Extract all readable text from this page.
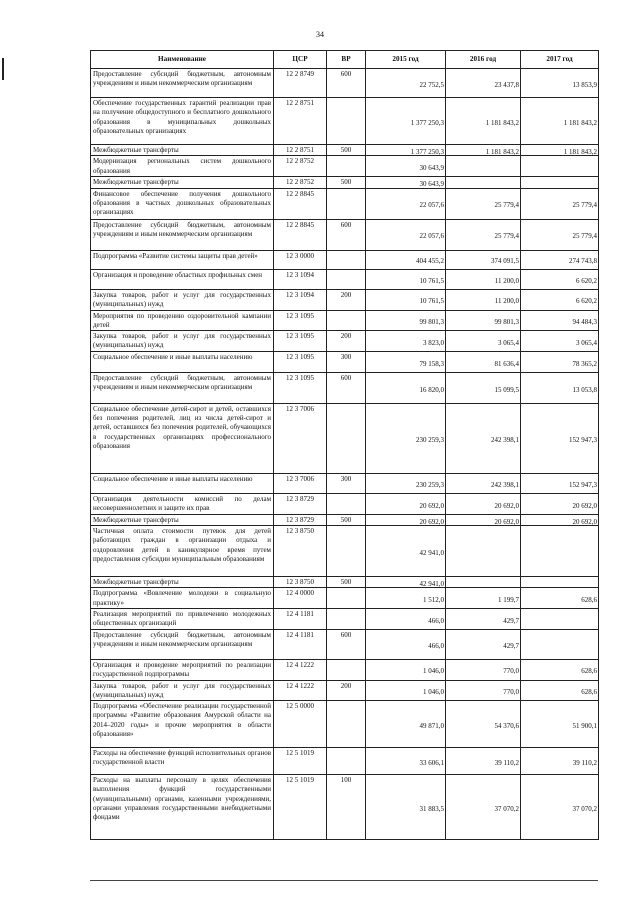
34
Наименование	ЦСР	ВР	2015 год	2016 год	2017 год
Предоставление субсидий бюджетным, автономным учреждениям и иным некоммерческим организациям	12 2 8749	600	22 752,5	23 437,8	13 853,9
Обеспечение государственных гарантий реализации прав на получение общедоступного и бесплатного дошкольного образования в муниципальных дошкольных образовательных организациях	12 2 8751		1 377 250,3	1 181 843,2	1 181 843,2
Межбюджетные трансферты	12 2 8751	500	1 377 250,3	1 181 843,2	1 181 843,2
Модернизация региональных систем дошкольного образования	12 2 8752		30 643,9		
Межбюджетные трансферты	12 2 8752	500	30 643,9		
Финансовое обеспечение получения дошкольного образования в частных дошкольных образовательных организациях	12 2 8845		22 057,6	25 779,4	25 779,4
Предоставление субсидий бюджетным, автономным учреждениям и иным некоммерческим организациям	12 2 8845	600	22 057,6	25 779,4	25 779,4
Подпрограмма «Развитие системы защиты прав детей»	12 3 0000		404 455,2	374 091,5	274 743,8
Организация и проведение областных профильных смен	12 3 1094		10 761,5	11 200,0	6 620,2
Закупка товаров, работ и услуг для государственных (муниципальных) нужд	12 3 1094	200	10 761,5	11 200,0	6 620,2
Мероприятия по проведению оздоровительной кампании детей	12 3 1095		99 801,3	99 801,3	94 484,3
Закупка товаров, работ и услуг для государственных (муниципальных) нужд	12 3 1095	200	3 823,0	3 065,4	3 065,4
Социальное обеспечение и иные выплаты населению	12 3 1095	300	79 158,3	81 636,4	78 365,2
Предоставление субсидий бюджетным, автономным учреждениям и иным некоммерческим организациям	12 3 1095	600	16 820,0	15 099,5	13 053,8
Социальное обеспечение детей-сирот и детей, оставшихся без попечения родителей, лиц из числа детей-сирот и детей, оставшихся без попечения родителей, обучающихся в государственных организациях профессионального образования	12 3 7006		230 259,3	242 398,1	152 947,3
Социальное обеспечение и иные выплаты населению	12 3 7006	300	230 259,3	242 398,1	152 947,3
Организация деятельности комиссий по делам несовершеннолетних и защите их прав	12 3 8729		20 692,0	20 692,0	20 692,0
Межбюджетные трансферты	12 3 8729	500	20 692,0	20 692,0	20 692,0
Частичная оплата стоимости путевок для детей работающих граждан в организации отдыха и оздоровления детей в каникулярное время путем предоставления субсидии муниципальным образованиям	12 3 8750		42 941,0		
Межбюджетные трансферты	12 3 8750	500	42 941,0		
Подпрограмма «Вовлечение молодежи в социальную практику»	12 4 0000		1 512,0	1 199,7	628,6
Реализация мероприятий по привлечению молодежных общественных организаций	12 4 1181		466,0	429,7	
Предоставление субсидий бюджетным, автономным учреждениям и иным некоммерческим организациям	12 4 1181	600	466,0	429,7	
Организация и проведение мероприятий по реализации государственной подпрограммы	12 4 1222		1 046,0	770,0	628,6
Закупка товаров, работ и услуг для государственных (муниципальных) нужд	12 4 1222	200	1 046,0	770,0	628,6
Подпрограмма «Обеспечение реализации государственной программы «Развитие образования Амурской области на 2014–2020 годы» и прочие мероприятия в области образования»	12 5 0000		49 871,0	54 370,6	51 900,1
Расходы на обеспечение функций исполнительных органов государственной власти	12 5 1019		33 606,1	39 110,2	39 110,2
Расходы на выплаты персоналу в целях обеспечения выполнения функций государственными (муниципальными) органами, казенными учреждениями, органами управления государственными внебюджетными фондами	12 5 1019	100	31 883,5	37 070,2	37 070,2
